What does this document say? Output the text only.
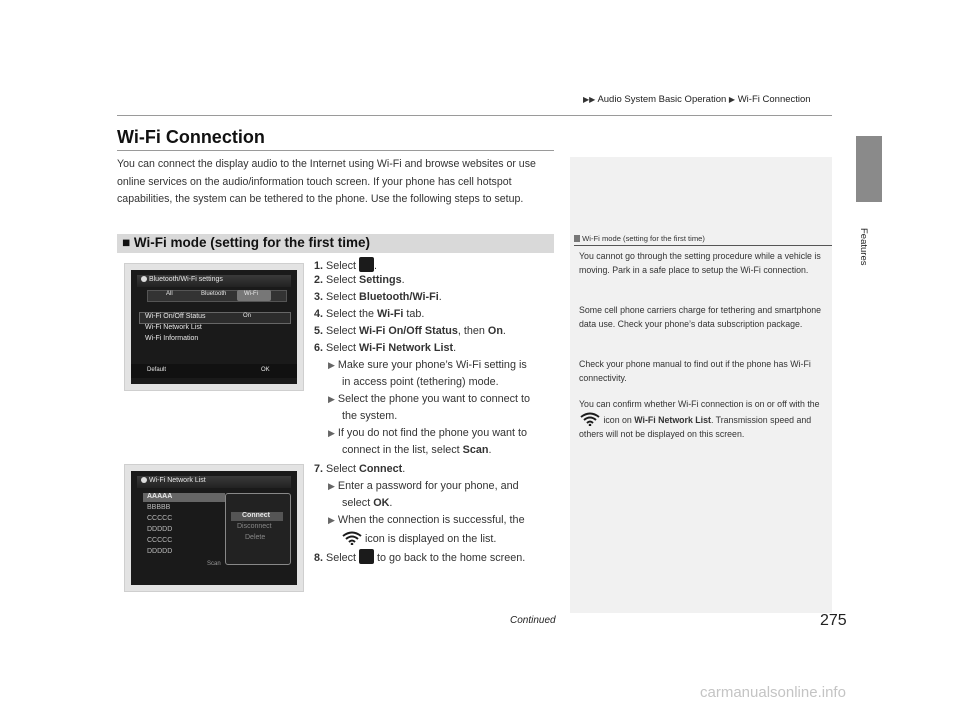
▶▶ Audio System Basic Operation ▶ Wi-Fi Connection
Features
Wi-Fi Connection
You can connect the display audio to the Internet using Wi-Fi and browse websites or use online services on the audio/information touch screen. If your phone has cell hotspot capabilities, the system can be tethered to the phone. Use the following steps to setup.
■ Wi-Fi mode (setting for the first time)
Bluetooth/Wi-Fi settings
All	Bluetooth	Wi-Fi
Wi-Fi On/Off Status	On
Wi-Fi Network List
Wi-Fi Information
Default	OK
Wi-Fi Network List
AAAAA
BBBBB
CCCCC
DDDDD
CCCCC
DDDDD
Connect
Disconnect
Delete
Scan
1. Select .
2. Select Settings.
3. Select Bluetooth/Wi-Fi.
4. Select the Wi-Fi tab.
5. Select Wi-Fi On/Off Status, then On.
6. Select Wi-Fi Network List.
▶ Make sure your phone’s Wi-Fi setting is
in access point (tethering) mode.
▶ Select the phone you want to connect to
the system.
▶ If you do not find the phone you want to
connect in the list, select Scan.
7. Select Connect.
▶ Enter a password for your phone, and
select OK.
▶ When the connection is successful, the
icon is displayed on the list.
8. Select  to go back to the home screen.
Wi-Fi mode (setting for the first time)
You cannot go through the setting procedure while a vehicle is moving. Park in a safe place to setup the Wi-Fi connection.
Some cell phone carriers charge for tethering and smartphone data use. Check your phone’s data subscription package.
Check your phone manual to find out if the phone has Wi-Fi connectivity.
You can confirm whether Wi-Fi connection is on or off with the  icon on Wi-Fi Network List. Transmission speed and others will not be displayed on this screen.
Continued	275
carmanualsonline.info
